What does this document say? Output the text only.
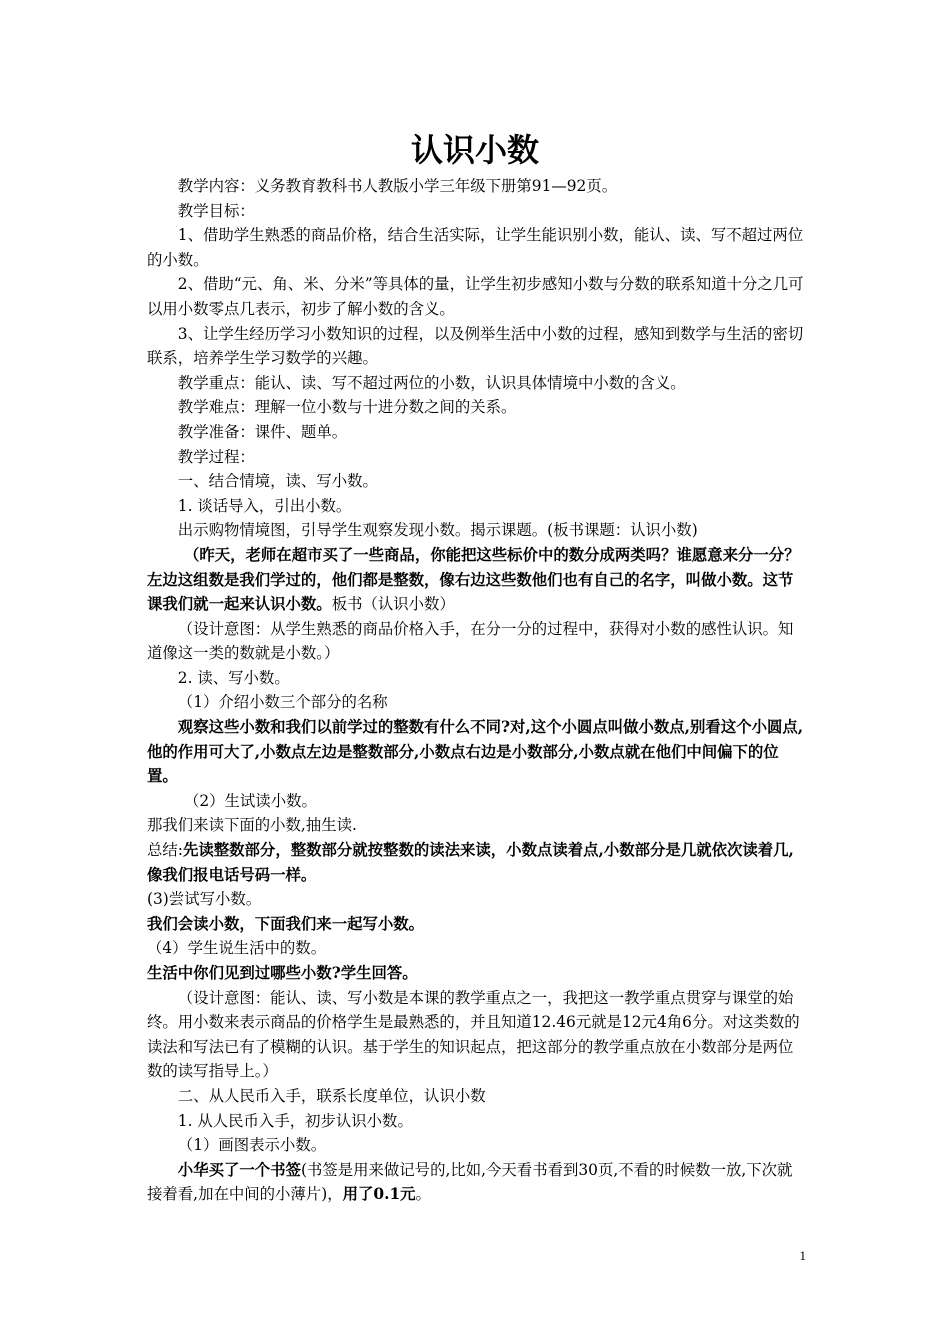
认识小数

教学内容：义务教育教科书人教版小学三年级下册第91—92页。

教学目标：

1、借助学生熟悉的商品价格，结合生活实际，让学生能识别小数，能认、读、写不超过两位的小数。

2、借助“元、角、米、分米”等具体的量，让学生初步感知小数与分数的联系知道十分之几可以用小数零点几表示，初步了解小数的含义。

3、让学生经历学习小数知识的过程，以及例举生活中小数的过程，感知到数学与生活的密切联系，培养学生学习数学的兴趣。

教学重点：能认、读、写不超过两位的小数，认识具体情境中小数的含义。

教学难点：理解一位小数与十进分数之间的关系。

教学准备：课件、题单。

教学过程：

一、结合情境，读、写小数。

1. 谈话导入，引出小数。

出示购物情境图，引导学生观察发现小数。揭示课题。(板书课题：认识小数)

（昨天，老师在超市买了一些商品，你能把这些标价中的数分成两类吗？谁愿意来分一分？左边这组数是我们学过的，他们都是整数，像右边这些数他们也有自己的名字，叫做小数。这节课我们就一起来认识小数。板书（认识小数）

（设计意图：从学生熟悉的商品价格入手，在分一分的过程中，获得对小数的感性认识。知道像这一类的数就是小数。）

2. 读、写小数。

（1）介绍小数三个部分的名称

观察这些小数和我们以前学过的整数有什么不同?对,这个小圆点叫做小数点,别看这个小圆点,他的作用可大了,小数点左边是整数部分,小数点右边是小数部分,小数点就在他们中间偏下的位置。

（2）生试读小数。

那我们来读下面的小数,抽生读.

总结:先读整数部分，整数部分就按整数的读法来读，小数点读着点,小数部分是几就依次读着几,像我们报电话号码一样。

(3)尝试写小数。

我们会读小数，下面我们来一起写小数。

（4）学生说生活中的数。

生活中你们见到过哪些小数?学生回答。

（设计意图：能认、读、写小数是本课的教学重点之一，我把这一教学重点贯穿与课堂的始终。用小数来表示商品的价格学生是最熟悉的，并且知道12.46元就是12元4角6分。对这类数的读法和写法已有了模糊的认识。基于学生的知识起点，把这部分的教学重点放在小数部分是两位数的读写指导上。）

二、从人民币入手，联系长度单位，认识小数

1. 从人民币入手，初步认识小数。

（1）画图表示小数。

小华买了一个书签(书签是用来做记号的,比如,今天看书看到30页,不看的时候数一放,下次就接着看,加在中间的小薄片)，用了0.1元。

1
